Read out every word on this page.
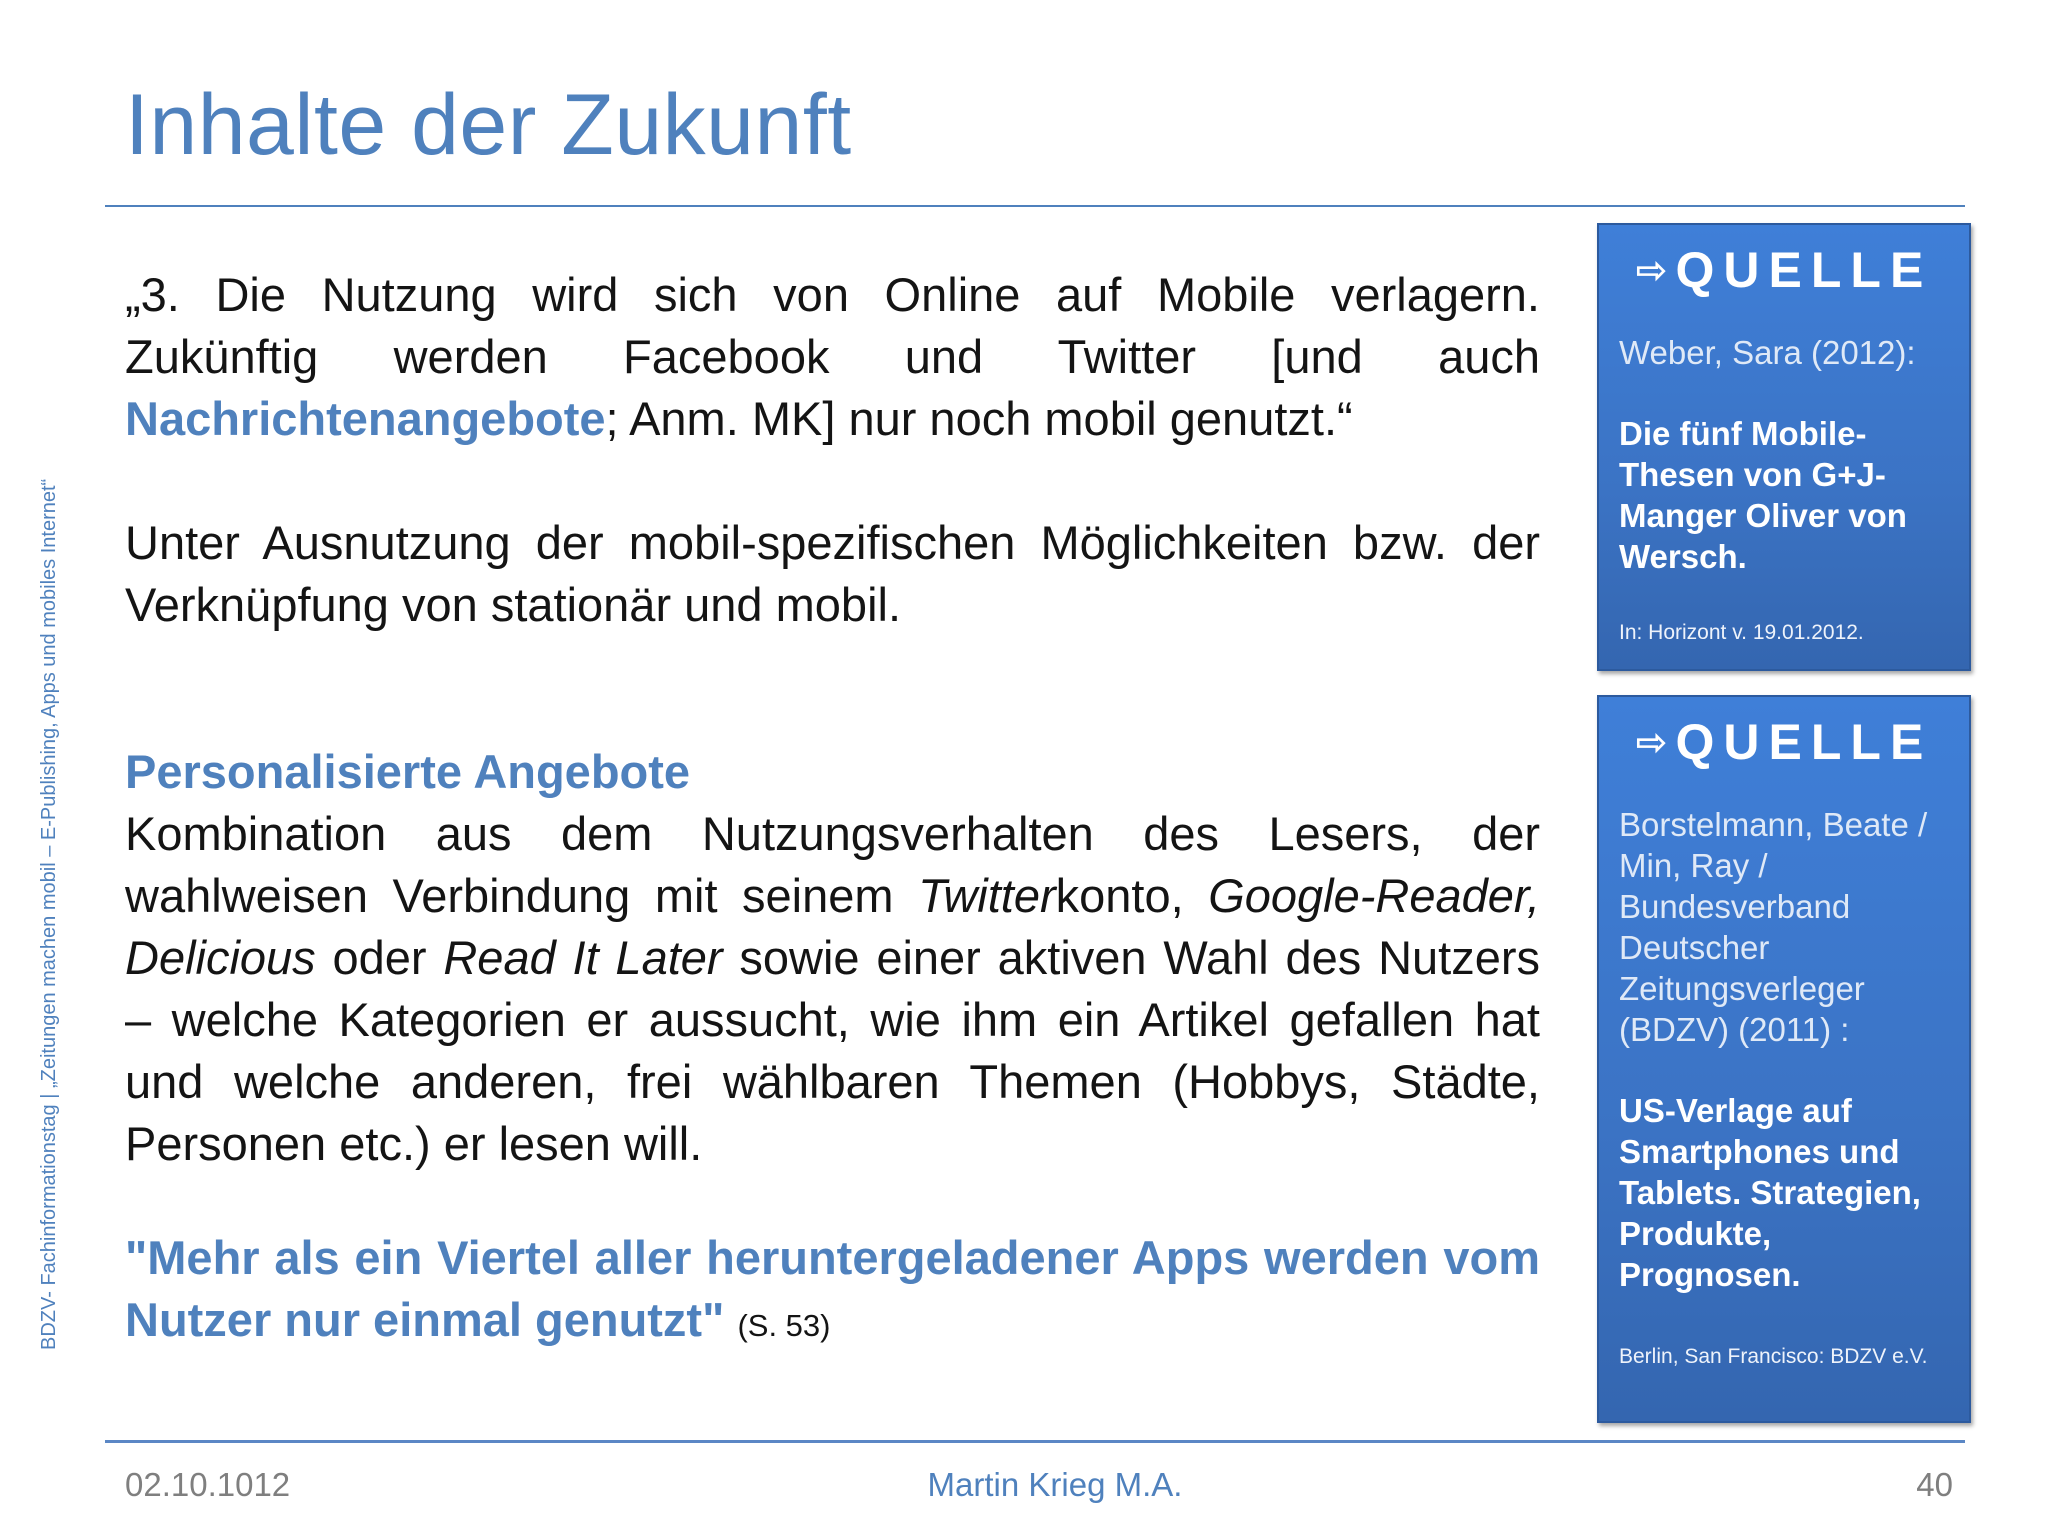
Inhalte der Zukunft
BDZV- Fachinformationstag | „Zeitungen machen mobil – E-Publishing, Apps und mobiles Internet“

„3. Die Nutzung wird sich von Online auf Mobile verlagern. Zukünftig werden Facebook und Twitter [und auch Nachrichtenangebote; Anm. MK] nur noch mobil genutzt.“

Unter Ausnutzung der mobil-spezifischen Möglichkeiten bzw. der Verknüpfung von stationär und mobil.

Personalisierte Angebote

Kombination aus dem Nutzungsverhalten des Lesers, der wahlweisen Verbindung mit seinem Twitterkonto, Google-Reader, Delicious oder Read It Later sowie einer aktiven Wahl des Nutzers – welche Kategorien er aussucht, wie ihm ein Artikel gefallen hat und welche anderen, frei wählbaren Themen (Hobbys, Städte, Personen etc.) er lesen will.

"Mehr als ein Viertel aller heruntergeladener Apps werden vom Nutzer nur einmal genutzt" (S. 53)

⇨ QUELLE
Weber, Sara (2012):
Die fünf Mobile-Thesen von G+J-Manger Oliver von Wersch.
In: Horizont v. 19.01.2012.
⇨ QUELLE
Borstelmann, Beate / Min, Ray / Bundesverband Deutscher Zeitungsverleger (BDZV) (2011) :
US-Verlage auf Smartphones und Tablets. Strategien, Produkte, Prognosen.
Berlin, San Francisco: BDZV e.V.
02.10.1012	Martin Krieg M.A.	40
